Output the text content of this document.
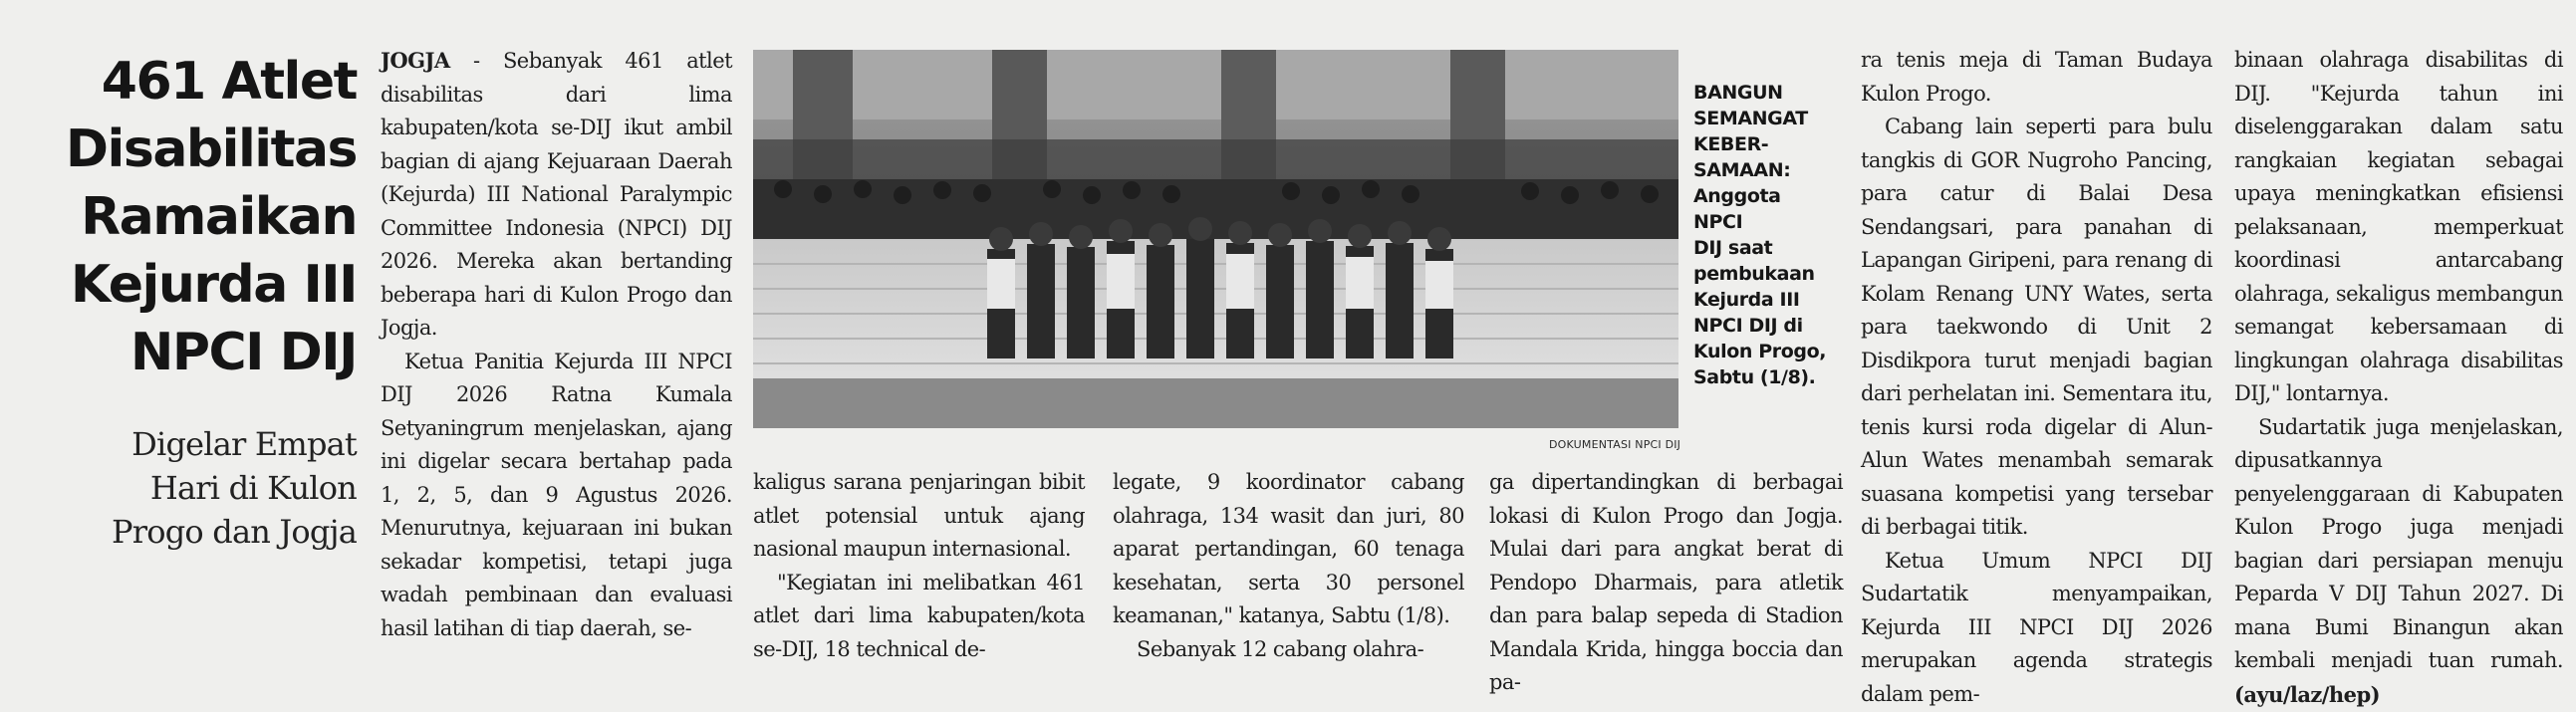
461 Atlet
Disabilitas
Ramaikan
Kejurda III
NPCI DIJ
Digelar Empat
Hari di Kulon
Progo dan Jogja

JOGJA - Sebanyak 461 atlet disabilitas dari lima kabupaten/kota se-DIJ ikut ambil bagian di ajang Kejuaraan Daerah (Kejurda) III National Paralympic Committee Indonesia (NPCI) DIJ 2026. Mereka akan bertanding beberapa hari di Kulon Progo dan Jogja.

Ketua Panitia Kejurda III NPCI DIJ 2026 Ratna Kumala Setyaningrum menjelaskan, ajang ini digelar secara bertahap pada 1, 2, 5, dan 9 Agustus 2026. Menurutnya, kejuaraan ini bukan sekadar kompetisi, tetapi juga wadah pembinaan dan evaluasi hasil latihan di tiap daerah, se-

DOKUMENTASI NPCI DIJ
BANGUN
SEMANGAT
KEBER-
SAMAAN:
Anggota
NPCI
DIJ saat
pembukaan
Kejurda III
NPCI DIJ di
Kulon Progo,
Sabtu (1/8).

kaligus sarana penjaringan bibit atlet potensial untuk ajang nasional maupun internasional.

"Kegiatan ini melibatkan 461 atlet dari lima kabupaten/kota se-DIJ, 18 technical de-

legate, 9 koordinator cabang olahraga, 134 wasit dan juri, 80 aparat pertandingan, 60 tenaga kesehatan, serta 30 personel keamanan," katanya, Sabtu (1/8).

Sebanyak 12 cabang olahra-

ga dipertandingkan di berbagai lokasi di Kulon Progo dan Jogja. Mulai dari para angkat berat di Pendopo Dharmais, para atletik dan para balap sepeda di Stadion Mandala Krida, hingga boccia dan pa-

ra tenis meja di Taman Budaya Kulon Progo.

Cabang lain seperti para bulu tangkis di GOR Nugroho Pancing, para catur di Balai Desa Sendangsari, para panahan di Lapangan Giripeni, para renang di Kolam Renang UNY Wates, serta para taekwondo di Unit 2 Disdikpora turut menjadi bagian dari perhelatan ini. Sementara itu, tenis kursi roda digelar di Alun-Alun Wates menambah semarak suasana kompetisi yang tersebar di berbagai titik.

Ketua Umum NPCI DIJ Sudartatik menyampaikan, Kejurda III NPCI DIJ 2026 merupakan agenda strategis dalam pem-

binaan olahraga disabilitas di DIJ. "Kejurda tahun ini diselenggarakan dalam satu rangkaian kegiatan sebagai upaya meningkatkan efisiensi pelaksanaan, memperkuat koordinasi antarcabang olahraga, sekaligus membangun semangat kebersamaan di lingkungan olahraga disabilitas DIJ," lontarnya.

Sudartatik juga menjelaskan, dipusatkannya penyelenggaraan di Kabupaten Kulon Progo juga menjadi bagian dari persiapan menuju Peparda V DIJ Tahun 2027. Di mana Bumi Binangun akan kembali menjadi tuan rumah. (ayu/laz/hep)
